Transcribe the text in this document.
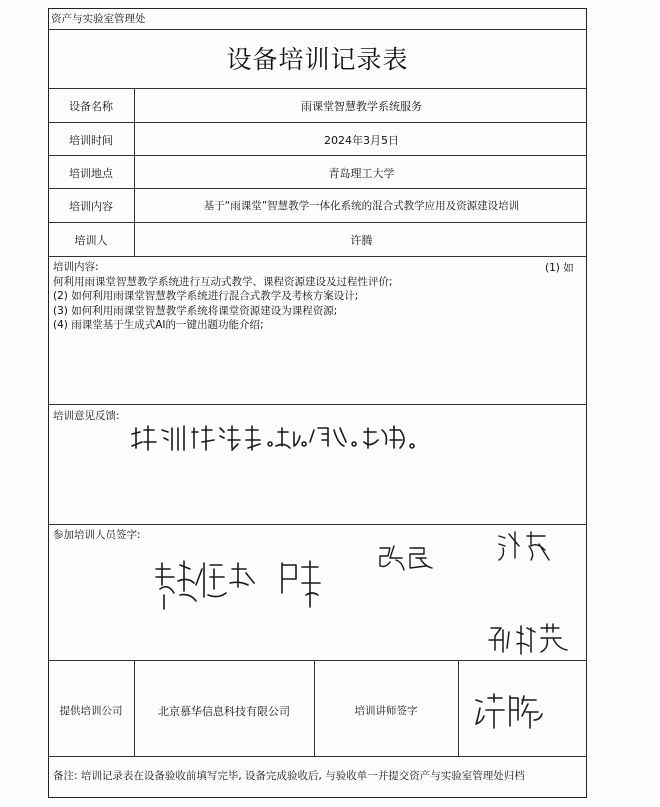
资产与实验室管理处
设备培训记录表
设备名称	雨课堂智慧教学系统服务
培训时间	2024年3月5日
培训地点	青岛理工大学
培训内容	基于“雨课堂”智慧教学一体化系统的混合式教学应用及资源建设培训
培训人	许腾
培训内容:
何利用雨课堂智慧教学系统进行互动式教学、课程资源建设及过程性评价;
(2) 如何利用雨课堂智慧教学系统进行混合式教学及考核方案设计;
(3) 如何利用雨课堂智慧教学系统将课堂资源建设为课程资源;
(4) 雨课堂基于生成式AI的一键出题功能介绍;
(1) 如
培训意见反馈:
参加培训人员签字:
提供培训公司	北京慕华信息科技有限公司	培训讲师签字
备注: 培训记录表在设备验收前填写完毕, 设备完成验收后, 与验收单一并提交资产与实验室管理处归档
